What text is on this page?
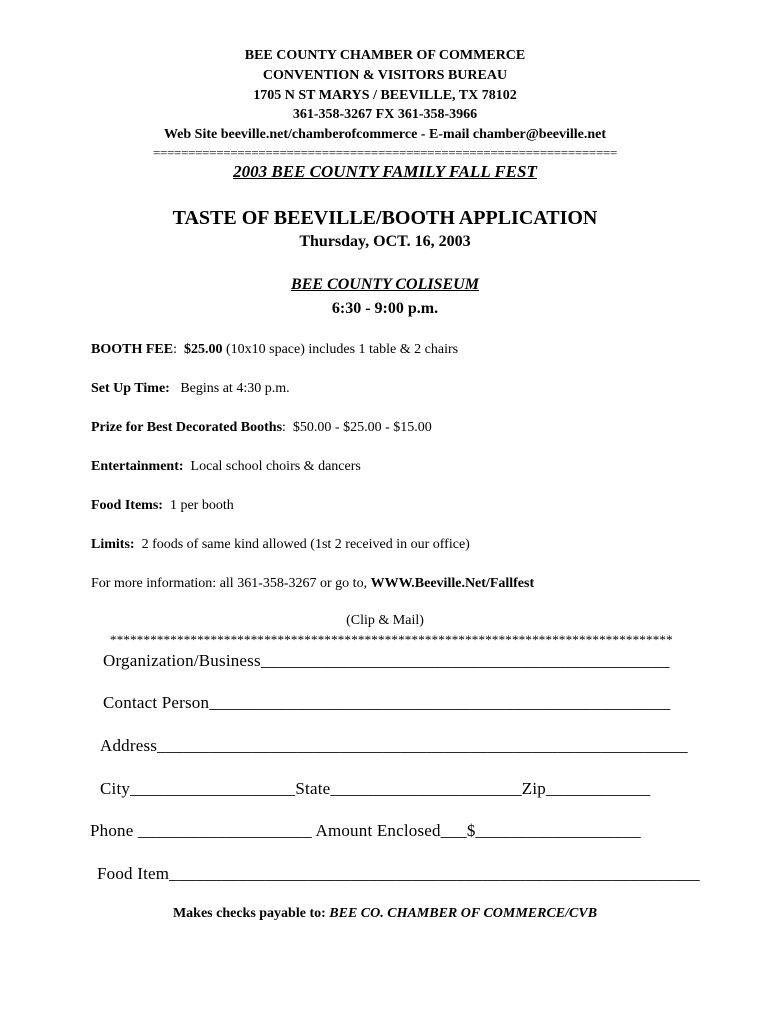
BEE COUNTY CHAMBER OF COMMERCE
CONVENTION & VISITORS BUREAU
1705 N ST MARYS / BEEVILLE, TX 78102
361-358-3267 FX 361-358-3966
Web Site beeville.net/chamberofcommerce - E-mail chamber@beeville.net
==================================================================
2003 BEE COUNTY FAMILY FALL FEST
TASTE OF BEEVILLE/BOOTH APPLICATION
Thursday, OCT. 16, 2003
BEE COUNTY COLISEUM
6:30 - 9:00 p.m.
BOOTH FEE:  $25.00 (10x10 space) includes 1 table & 2 chairs
Set Up Time: Begins at 4:30 p.m.
Prize for Best Decorated Booths:  $50.00 - $25.00 - $15.00
Entertainment: Local school choirs & dancers
Food Items: 1 per booth
Limits: 2 foods of same kind allowed (1st 2 received in our office)
For more information: all 361-358-3267 or go to, WWW.Beeville.Net/Fallfest
(Clip & Mail)
************************************************************************************
Organization/Business_______________________________________________
Contact Person_____________________________________________________
Address_____________________________________________________________
City___________________State______________________Zip____________
Phone ____________________ Amount Enclosed___$___________________
Food Item_____________________________________________________________
Makes checks payable to: BEE CO. CHAMBER OF COMMERCE/CVB
